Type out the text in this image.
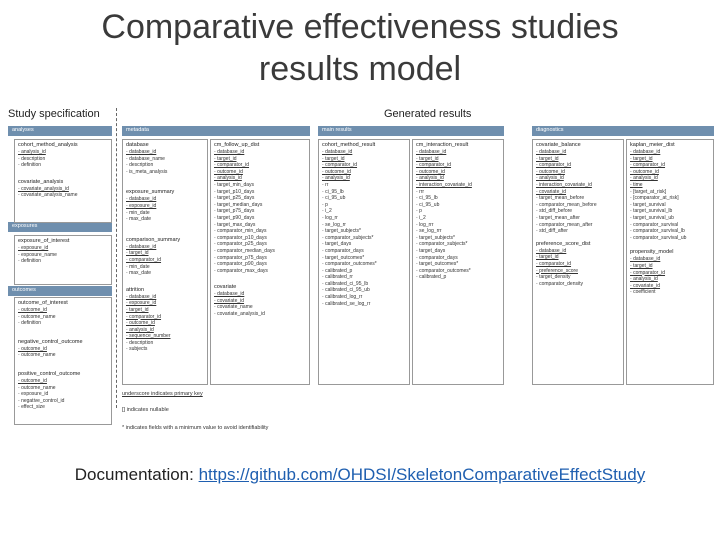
Comparative effectiveness studies
results model
Study specification	Generated results
analyses
exposures
outcomes
metadata	main results	diagnostics
cohort_method_analysis
- analysis_id
- description
- definition
covariate_analysis
- covariate_analysis_id
- covariate_analysis_name
exposure_of_interest
- exposure_id
- exposure_name
- definition
outcome_of_interest
- outcome_id
- outcome_name
- definition
negative_control_outcome
- outcome_id
- outcome_name
positive_control_outcome
- outcome_id
- outcome_name
- exposure_id
- negative_control_id
- effect_size
database
- database_id
- database_name
- description
- is_meta_analysis
exposure_summary
- database_id
- exposure_id
- min_date
- max_date
comparison_summary
- database_id
- target_id
- comparator_id
- min_date
- max_date
attrition
- database_id
- exposure_id
- target_id
- comparator_id
- outcome_id
- analysis_id
- sequence_number
- description
- subjects
cm_follow_up_dist
- database_id
- target_id
- comparator_id
- outcome_id
- analysis_id
- target_min_days
- target_p10_days
- target_p25_days
- target_median_days
- target_p75_days
- target_p90_days
- target_max_days
- comparator_min_days
- comparator_p10_days
- comparator_p25_days
- comparator_median_days
- comparator_p75_days
- comparator_p90_days
- comparator_max_days
covariate
- database_id
- covariate_id
- covariate_name
- covariate_analysis_id
cohort_method_result
- database_id
- target_id
- comparator_id
- outcome_id
- analysis_id
- rr
- ci_95_lb
- ci_95_ub
- p
- i_2
- log_rr
- se_log_rr
- target_subjects*
- comparator_subjects*
- target_days
- comparator_days
- target_outcomes*
- comparator_outcomes*
- calibrated_p
- calibrated_rr
- calibrated_ci_95_lb
- calibrated_ci_95_ub
- calibrated_log_rr
- calibrated_se_log_rr
cm_interaction_result
- database_id
- target_id
- comparator_id
- outcome_id
- analysis_id
- interaction_covariate_id
- rrr
- ci_95_lb
- ci_95_ub
- p
- i_2
- log_rrr
- se_log_rrr
- target_subjects*
- comparator_subjects*
- target_days
- comparator_days
- target_outcomes*
- comparator_outcomes*
- calibrated_p
covariate_balance
- database_id
- target_id
- comparator_id
- outcome_id
- analysis_id
- interaction_covariate_id
- covariate_id
- target_mean_before
- comparator_mean_before
- std_diff_before
- target_mean_after
- comparator_mean_after
- std_diff_after
preference_score_dist
- database_id
- target_id
- comparator_id
- preference_score
- target_density
- comparator_density
kaplan_meier_dist
- database_id
- target_id
- comparator_id
- outcome_id
- analysis_id
- time
- [target_at_risk]
- [comparator_at_risk]
- target_survival
- target_survival_lb
- target_survival_ub
- comparator_survival
- comparator_survival_lb
- comparator_survival_ub
propensity_model
- database_id
- target_id
- comparator_id
- analysis_id
- covariate_id
- coefficient
underscore indicates primary key
[] indicates nullable
* indicates fields with a minimum value to avoid identifiability
Documentation: https://github.com/OHDSI/SkeletonComparativeEffectStudy
